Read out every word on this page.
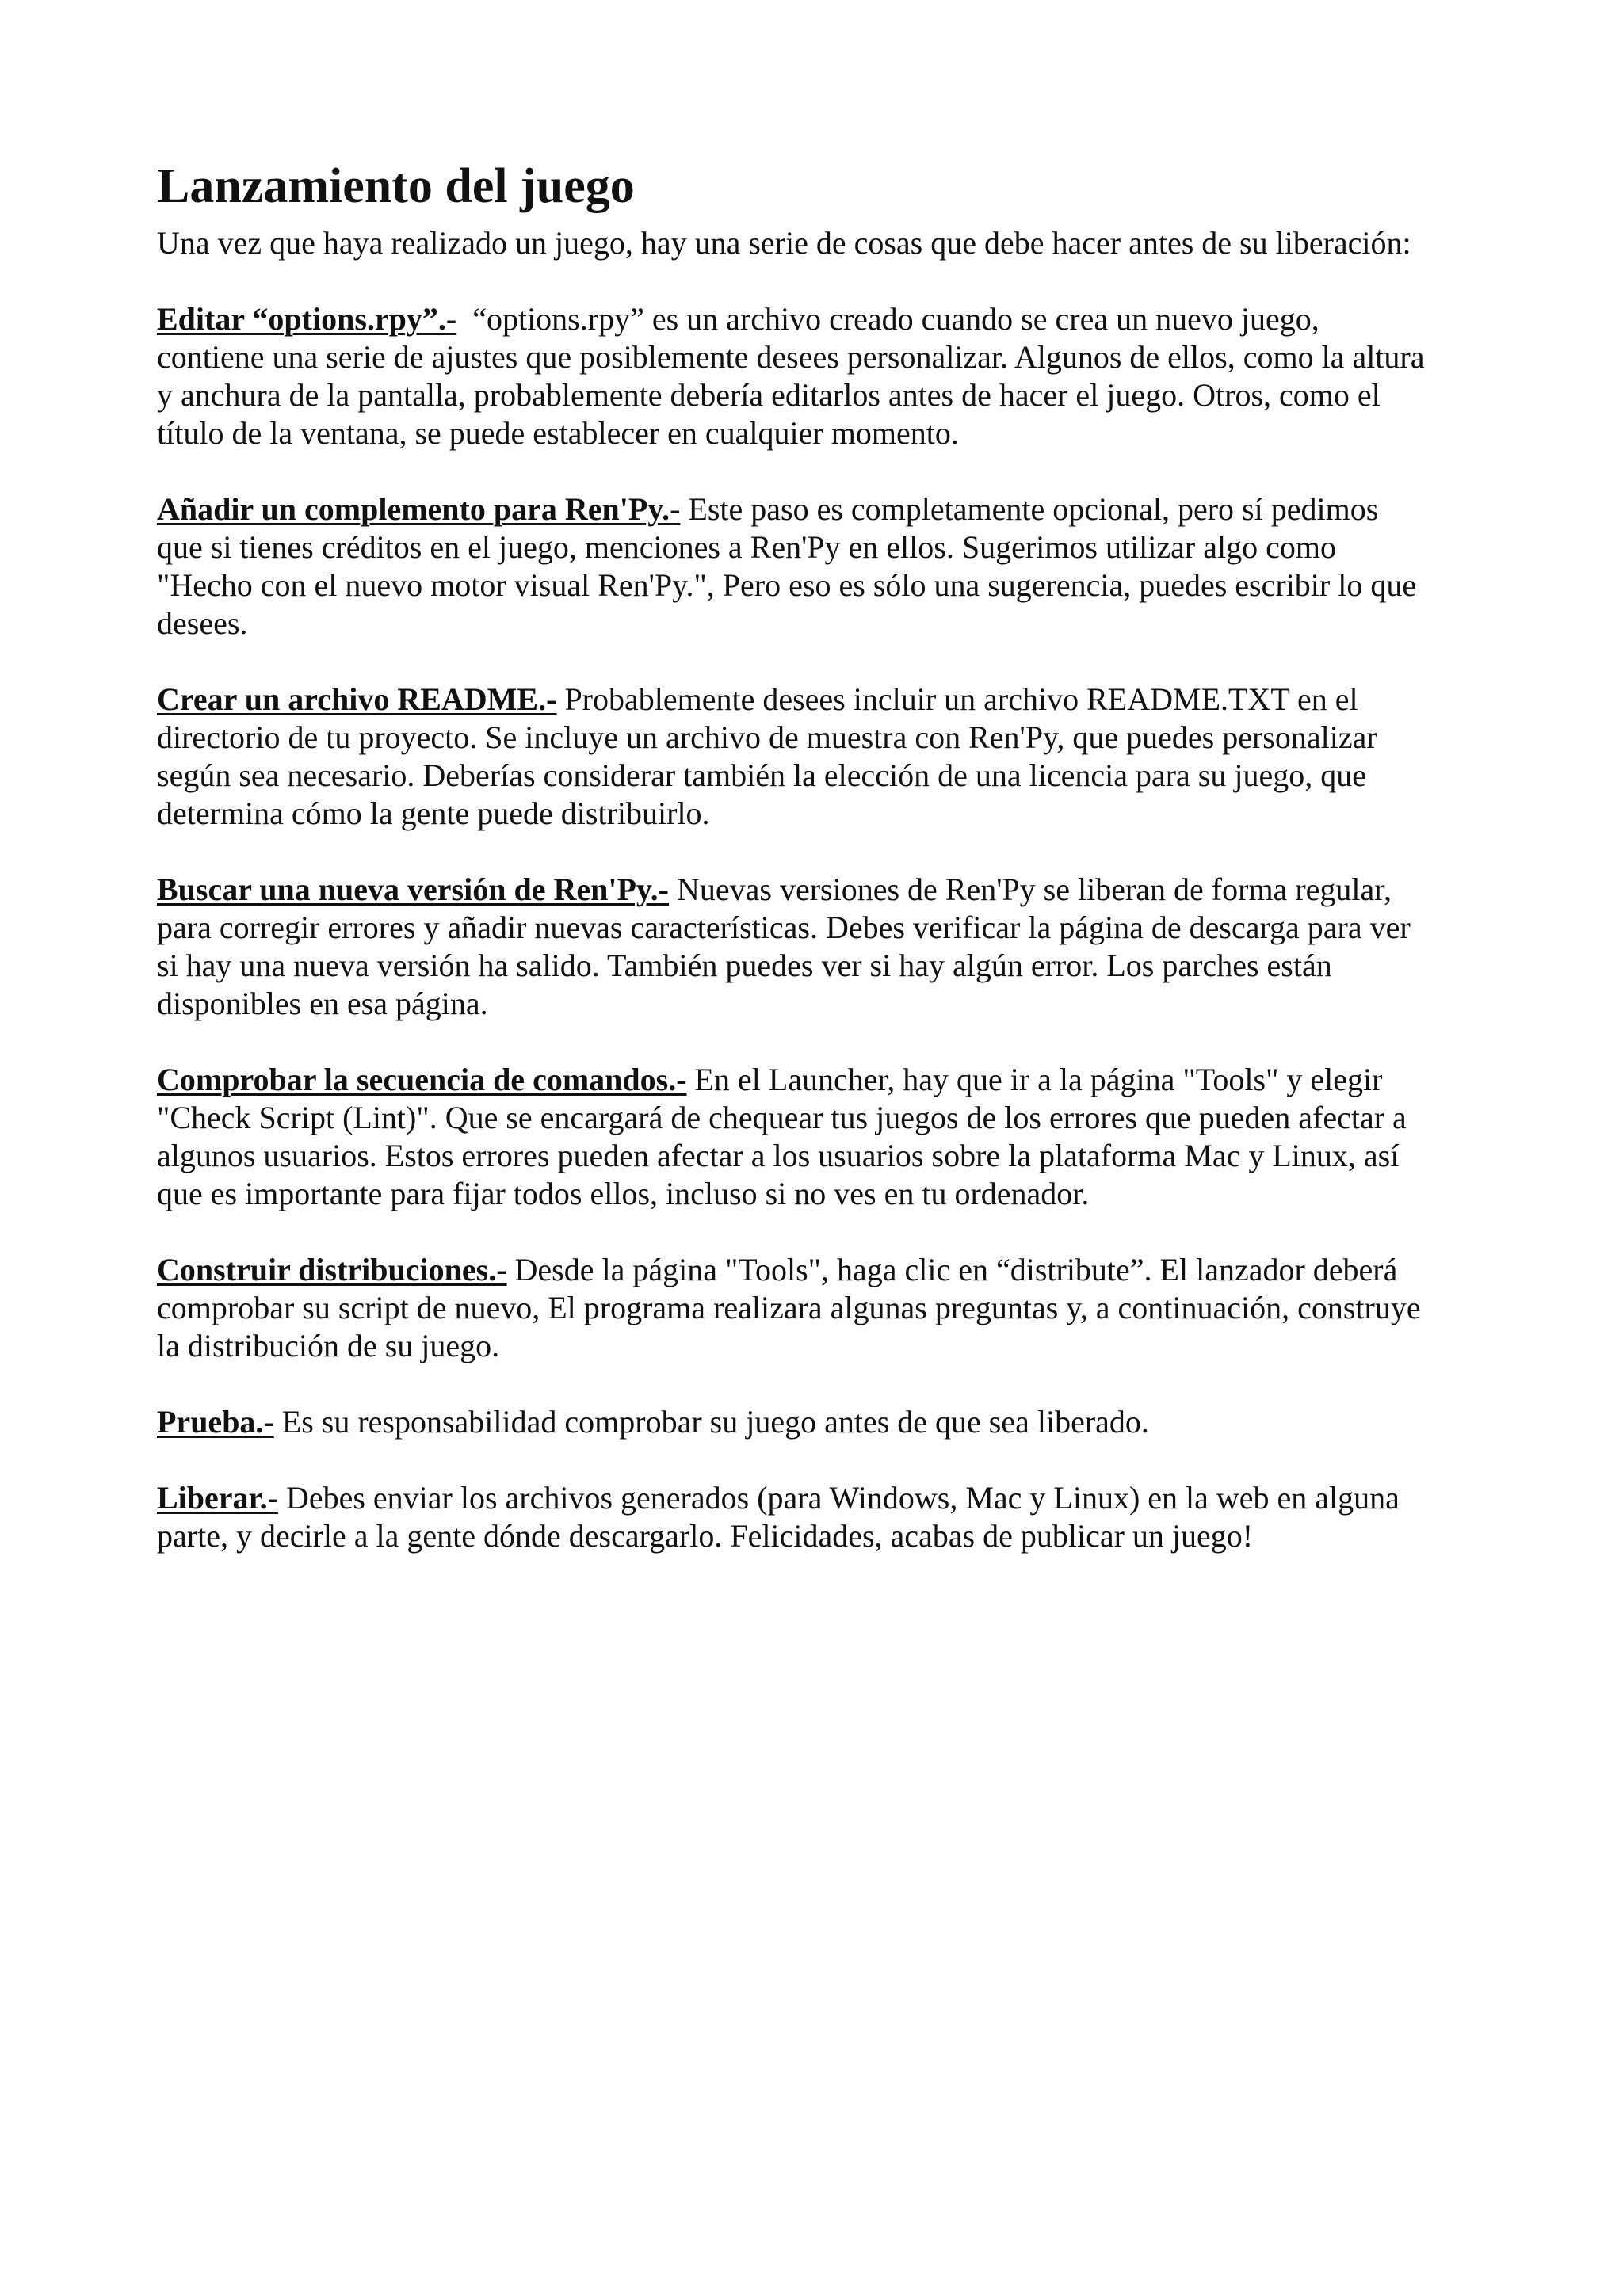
Lanzamiento del juego

Una vez que haya realizado un juego, hay una serie de cosas que debe hacer antes de su liberación:

Editar “options.rpy”.-  “options.rpy” es un archivo creado cuando se crea un nuevo juego,
contiene una serie de ajustes que posiblemente desees personalizar. Algunos de ellos, como la altura
y anchura de la pantalla, probablemente debería editarlos antes de hacer el juego. Otros, como el
título de la ventana, se puede establecer en cualquier momento.
Añadir un complemento para Ren'Py.- Este paso es completamente opcional, pero sí pedimos
que si tienes créditos en el juego, menciones a Ren'Py en ellos. Sugerimos utilizar algo como
"Hecho con el nuevo motor visual Ren'Py.", Pero eso es sólo una sugerencia, puedes escribir lo que
desees.
Crear un archivo README.- Probablemente desees incluir un archivo README.TXT en el
directorio de tu proyecto. Se incluye un archivo de muestra con Ren'Py, que puedes personalizar
según sea necesario. Deberías considerar también la elección de una licencia para su juego, que
determina cómo la gente puede distribuirlo.
Buscar una nueva versión de Ren'Py.- Nuevas versiones de Ren'Py se liberan de forma regular,
para corregir errores y añadir nuevas características. Debes verificar la página de descarga para ver
si hay una nueva versión ha salido. También puedes ver si hay algún error. Los parches están
disponibles en esa página.
Comprobar la secuencia de comandos.- En el Launcher, hay que ir a la página "Tools" y elegir
"Check Script (Lint)". Que se encargará de chequear tus juegos de los errores que pueden afectar a
algunos usuarios. Estos errores pueden afectar a los usuarios sobre la plataforma Mac y Linux, así
que es importante para fijar todos ellos, incluso si no ves en tu ordenador.
Construir distribuciones.- Desde la página "Tools", haga clic en “distribute”. El lanzador deberá
comprobar su script de nuevo, El programa realizara algunas preguntas y, a continuación, construye
la distribución de su juego.
Prueba.- Es su responsabilidad comprobar su juego antes de que sea liberado.
Liberar.- Debes enviar los archivos generados (para Windows, Mac y Linux) en la web en alguna
parte, y decirle a la gente dónde descargarlo. Felicidades, acabas de publicar un juego!
